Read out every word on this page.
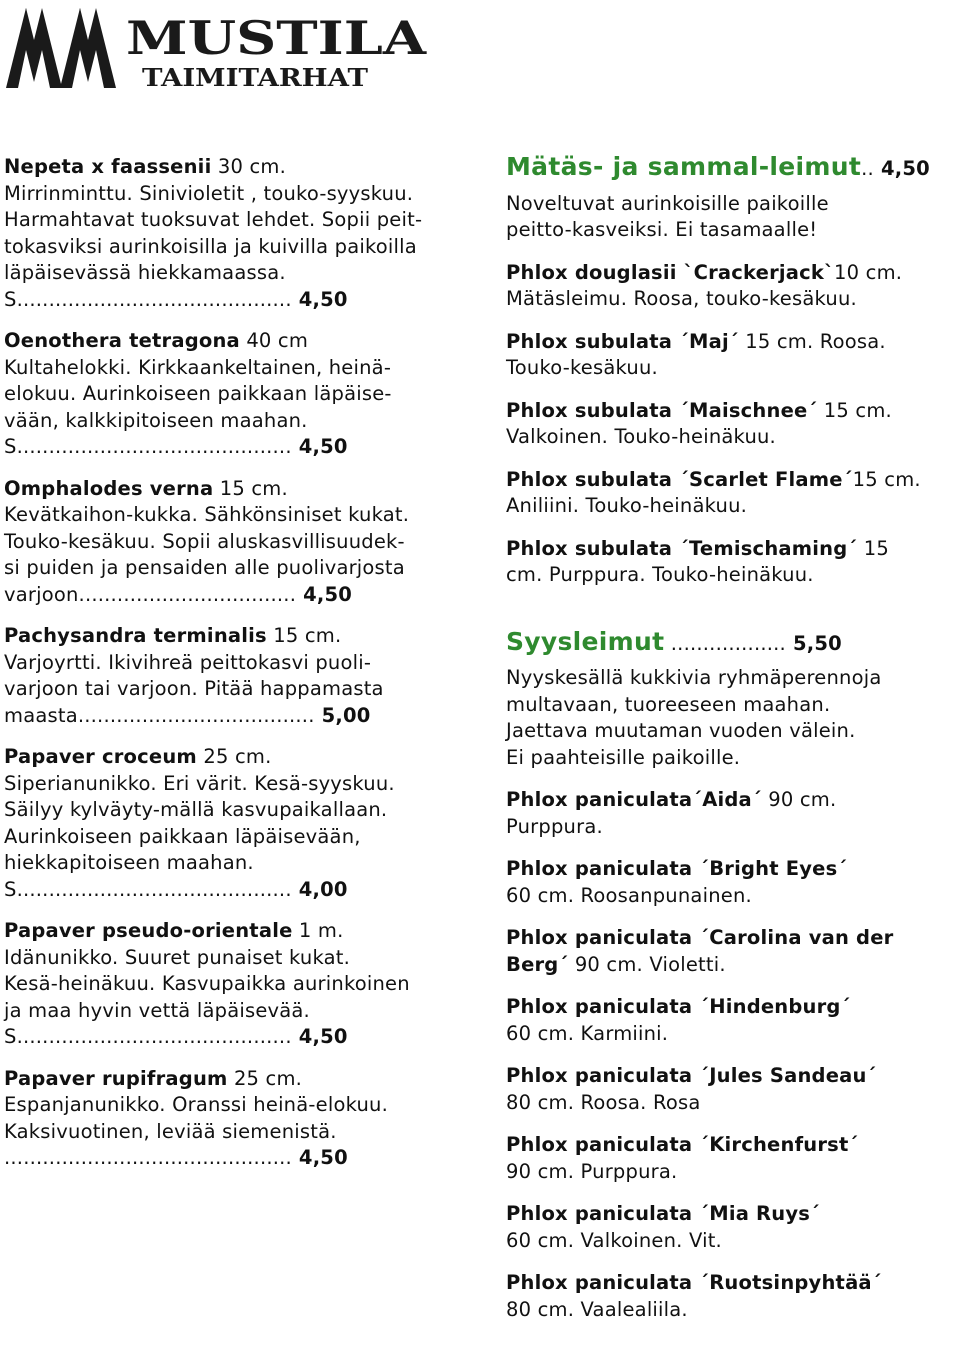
MUSTILA
TAIMITARHAT

Nepeta x faassenii 30 cm.

Mirrinminttu. Sinivioletit , touko-syyskuu.

Harmahtavat tuoksuvat lehdet. Sopii peit-

tokasviksi aurinkoisilla ja kuivilla paikoilla

läpäisevässä hiekkamaassa.

S........................................... 4,50

Oenothera tetragona 40 cm

Kultahelokki. Kirkkaankeltainen, heinä-

elokuu. Aurinkoiseen paikkaan läpäise-

vään, kalkkipitoiseen maahan.

S........................................... 4,50

Omphalodes verna 15 cm.

Kevätkaihon-kukka. Sähkönsiniset kukat.

Touko-kesäkuu. Sopii aluskasvillisuudek-

si puiden ja pensaiden alle puolivarjosta

varjoon.................................. 4,50

Pachysandra terminalis 15 cm.

Varjoyrtti. Ikivihreä peittokasvi puoli-

varjoon tai varjoon. Pitää happamasta

maasta..................................... 5,00

Papaver croceum 25 cm.

Siperianunikko. Eri värit. Kesä-syyskuu.

Säilyy kylväyty-mällä kasvupaikallaan.

Aurinkoiseen paikkaan läpäisevään,

hiekkapitoiseen maahan.

S........................................... 4,00

Papaver pseudo-orientale 1 m.

Idänunikko. Suuret punaiset kukat.

Kesä-heinäkuu. Kasvupaikka aurinkoinen

ja maa hyvin vettä läpäisevää.

S........................................... 4,50

Papaver rupifragum 25 cm.

Espanjanunikko. Oranssi heinä-elokuu.

Kaksivuotinen, leviää siemenistä.

............................................. 4,50

Mätäs- ja sammal-leimut.. 4,50

Noveltuvat aurinkoisille paikoille

peitto-kasveiksi. Ei tasamaalle!

Phlox douglasii `Crackerjack`10 cm.

Mätäsleimu. Roosa, touko-kesäkuu.

Phlox subulata ´Maj´ 15 cm. Roosa.

Touko-kesäkuu.

Phlox subulata ´Maischnee´ 15 cm.

Valkoinen. Touko-heinäkuu.

Phlox subulata ´Scarlet Flame´15 cm.

Aniliini. Touko-heinäkuu.

Phlox subulata ´Temischaming´ 15

cm. Purppura. Touko-heinäkuu.

Syysleimut .................. 5,50

Nyyskesällä kukkivia ryhmäperennoja

multavaan, tuoreeseen maahan.

Jaettava muutaman vuoden välein.

Ei paahteisille paikoille.

Phlox paniculata´Aida´ 90 cm.

Purppura.

Phlox paniculata ´Bright Eyes´

60 cm. Roosanpunainen.

Phlox paniculata ´Carolina van der

Berg´ 90 cm. Violetti.

Phlox paniculata ´Hindenburg´

60 cm. Karmiini.

Phlox paniculata ´Jules Sandeau´

80 cm. Roosa. Rosa

Phlox paniculata ´Kirchenfurst´

90 cm. Purppura.

Phlox paniculata ´Mia Ruys´

60 cm. Valkoinen. Vit.

Phlox paniculata ´Ruotsinpyhtää´

80 cm. Vaalealiila.
